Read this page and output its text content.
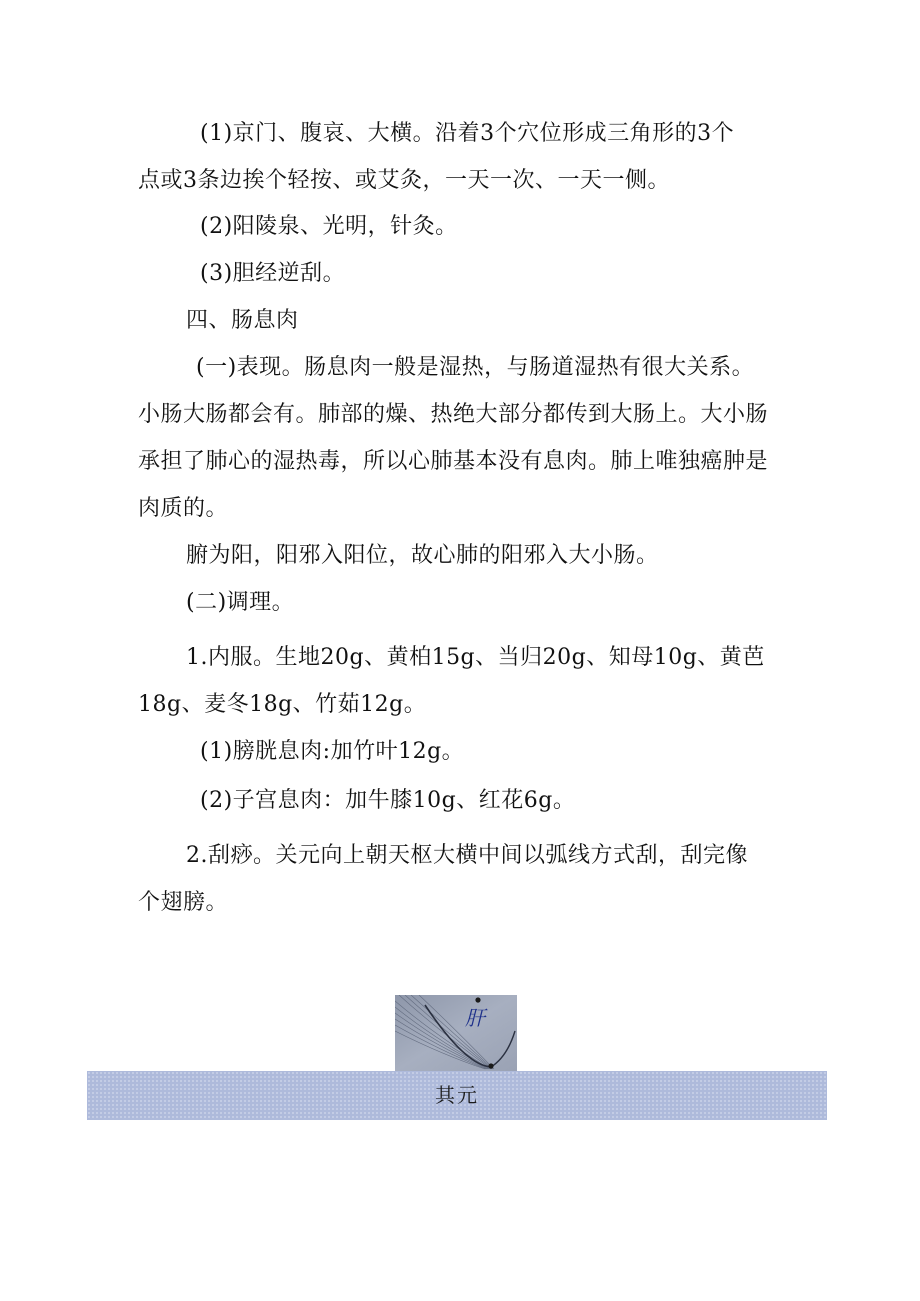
(1)京门、腹哀、大横。沿着3个穴位形成三角形的3个
点或3条边挨个轻按、或艾灸，一天一次、一天一侧。
(2)阳陵泉、光明，针灸。
(3)胆经逆刮。
四、肠息肉
(一)表现。肠息肉一般是湿热，与肠道湿热有很大关系。
小肠大肠都会有。肺部的燥、热绝大部分都传到大肠上。大小肠
承担了肺心的湿热毒，所以心肺基本没有息肉。肺上唯独癌肿是
肉质的。
腑为阳，阳邪入阳位，故心肺的阳邪入大小肠。
(二)调理。
1.内服。生地20g、黄柏15g、当归20g、知母10g、黄芭
18g、麦冬18g、竹茹12g。
(1)膀胱息肉:加竹叶12g。
(2)子宫息肉：加牛膝10g、红花6g。
2.刮痧。关元向上朝天枢大横中间以弧线方式刮，刮完像
个翅膀。
肝
其元
